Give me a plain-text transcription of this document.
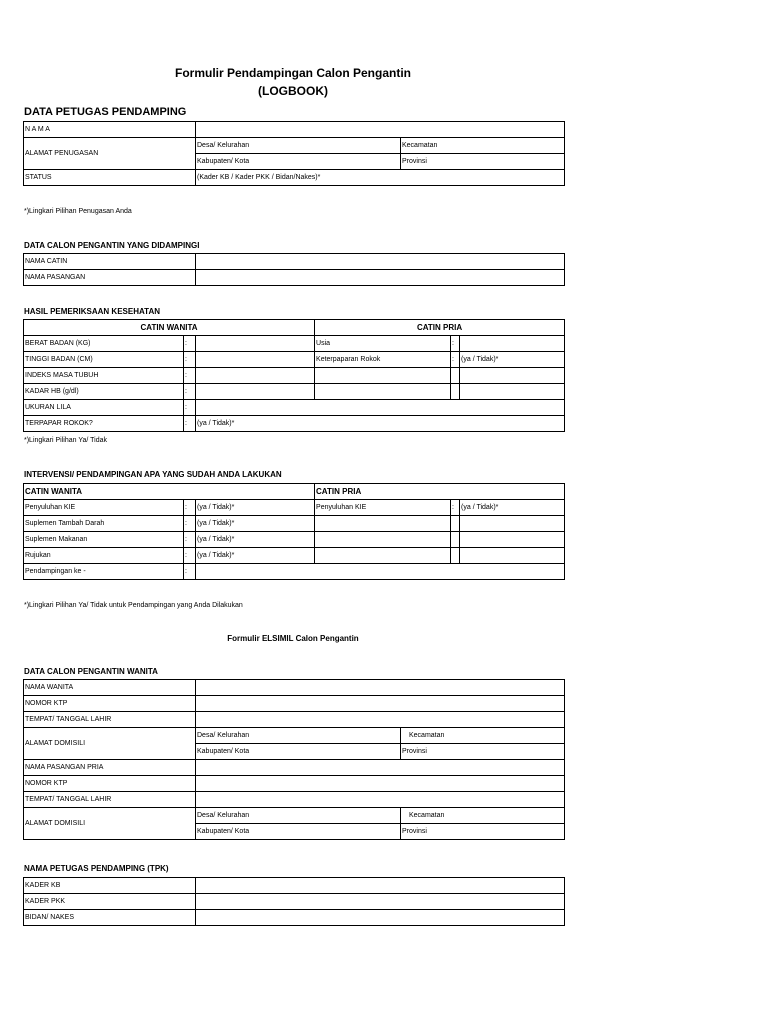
Formulir Pendampingan Calon Pengantin
(LOGBOOK)
DATA PETUGAS PENDAMPING
N A M A		
ALAMAT PENUGASAN	Desa/ Kelurahan	Kecamatan
	Kabupaten/ Kota	Provinsi
STATUS	(Kader KB / Kader PKK / Bidan/Nakes)*	
*)Lingkari Pilihan Penugasan Anda
DATA CALON PENGANTIN YANG DIDAMPINGI
NAMA CATIN	
NAMA PASANGAN	
HASIL PEMERIKSAAN KESEHATAN
CATIN WANITA			CATIN PRIA		
BERAT BADAN (KG)	:		Usia	:	
TINGGI BADAN (CM)	:		Keterpaparan Rokok	:	(ya / Tidak)*
INDEKS MASA TUBUH	:				
KADAR HB (g/dl)	:				
UKURAN LILA	:				
TERPAPAR ROKOK?	:	(ya / Tidak)*			
*)Lingkari Pilihan Ya/ Tidak
INTERVENSI/ PENDAMPINGAN APA YANG SUDAH ANDA LAKUKAN
CATIN WANITA			CATIN PRIA		
Penyuluhan KIE	:	(ya / Tidak)*	Penyuluhan KIE	:	(ya / Tidak)*
Suplemen Tambah Darah	:	(ya / Tidak)*			
Suplemen Makanan	:	(ya / Tidak)*			
Rujukan	:	(ya / Tidak)*			
Pendampingan ke -	:				
*)Lingkari Pilihan Ya/ Tidak untuk Pendampingan yang Anda Dilakukan
Formulir ELSIMIL Calon Pengantin
DATA CALON PENGANTIN WANITA
NAMA WANITA		
NOMOR KTP		
TEMPAT/ TANGGAL LAHIR		
ALAMAT DOMISILI	Desa/ Kelurahan	Kecamatan
	Kabupaten/ Kota	Provinsi
NAMA PASANGAN PRIA		
NOMOR KTP		
TEMPAT/ TANGGAL LAHIR		
ALAMAT DOMISILI	Desa/ Kelurahan	Kecamatan
	Kabupaten/ Kota	Provinsi
NAMA PETUGAS PENDAMPING (TPK)
KADER KB	
KADER PKK	
BIDAN/ NAKES	
